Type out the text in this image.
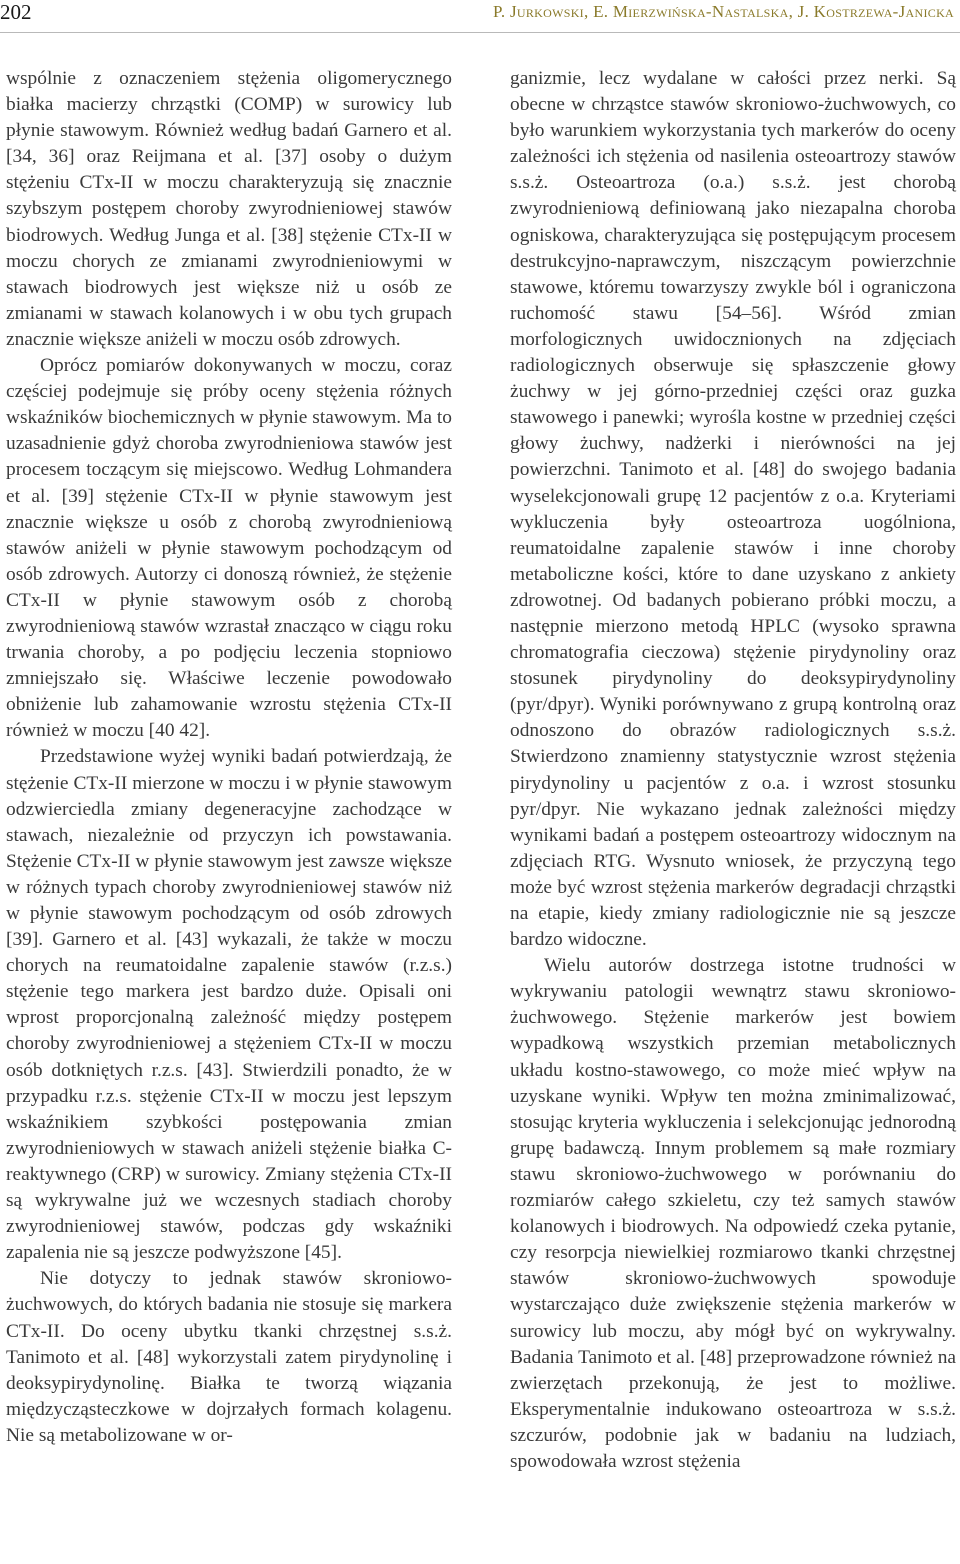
202	P. Jurkowski, E. Mierzwińska-Nastalska, J. Kostrzewa-Janicka

wspólnie z oznaczeniem stężenia oligomerycznego białka macierzy chrząstki (COMP) w surowicy lub płynie stawowym. Również według badań Garnero et al. [34, 36] oraz Reijmana et al. [37] osoby o dużym stężeniu CTx-II w moczu charakteryzują się znacznie szybszym postępem choroby zwyrodnieniowej stawów biodrowych. Według Junga et al. [38] stężenie CTx-II w moczu chorych ze zmianami zwyrodnieniowymi w stawach biodrowych jest większe niż u osób ze zmianami w stawach kolanowych i w obu tych grupach znacznie większe aniżeli w moczu osób zdrowych.

Oprócz pomiarów dokonywanych w moczu, coraz częściej podejmuje się próby oceny stężenia różnych wskaźników biochemicznych w płynie stawowym. Ma to uzasadnienie gdyż choroba zwyrodnieniowa stawów jest procesem toczącym się miejscowo. Według Lohmandera et al. [39] stężenie CTx-II w płynie stawowym jest znacznie większe u osób z chorobą zwyrodnieniową stawów aniżeli w płynie stawowym pochodzącym od osób zdrowych. Autorzy ci donoszą również, że stężenie CTx-II w płynie stawowym osób z chorobą zwyrodnieniową stawów wzrastał znacząco w ciągu roku trwania choroby, a po podjęciu leczenia stopniowo zmniejszało się. Właściwe leczenie powodowało obniżenie lub zahamowanie wzrostu stężenia CTx-II również w moczu [40 42].

Przedstawione wyżej wyniki badań potwierdzają, że stężenie CTx-II mierzone w moczu i w płynie stawowym odzwierciedla zmiany degeneracyjne zachodzące w stawach, niezależnie od przyczyn ich powstawania. Stężenie CTx-II w płynie stawowym jest zawsze większe w różnych typach choroby zwyrodnieniowej stawów niż w płynie stawowym pochodzącym od osób zdrowych [39]. Garnero et al. [43] wykazali, że także w moczu chorych na reumatoidalne zapalenie stawów (r.z.s.) stężenie tego markera jest bardzo duże. Opisali oni wprost proporcjonalną zależność między postępem choroby zwyrodnieniowej a stężeniem CTx-II w moczu osób dotkniętych r.z.s. [43]. Stwierdzili ponadto, że w przypadku r.z.s. stężenie CTx-II w moczu jest lepszym wskaźnikiem szybkości postępowania zmian zwyrodnieniowych w stawach aniżeli stężenie białka C-reaktywnego (CRP) w surowicy. Zmiany stężenia CTx-II są wykrywalne już we wczesnych stadiach choroby zwyrodnieniowej stawów, podczas gdy wskaźniki zapalenia nie są jeszcze podwyższone [45].

Nie dotyczy to jednak stawów skroniowo-żuchwowych, do których badania nie stosuje się markera CTx-II. Do oceny ubytku tkanki chrzęstnej s.s.ż. Tanimoto et al. [48] wykorzystali zatem pirydynolinę i deoksypirydynolinę. Białka te tworzą wiązania międzycząsteczkowe w dojrzałych formach kolagenu. Nie są metabolizowane w or-

ganizmie, lecz wydalane w całości przez nerki. Są obecne w chrząstce stawów skroniowo-żuchwowych, co było warunkiem wykorzystania tych markerów do oceny zależności ich stężenia od nasilenia osteoartrozy stawów s.s.ż. Osteoartroza (o.a.) s.s.ż. jest chorobą zwyrodnieniową definiowaną jako niezapalna choroba ogniskowa, charakteryzująca się postępującym procesem destrukcyjno-naprawczym, niszczącym powierzchnie stawowe, któremu towarzyszy zwykle ból i ograniczona ruchomość stawu [54–56]. Wśród zmian morfologicznych uwidocznionych na zdjęciach radiologicznych obserwuje się spłaszczenie głowy żuchwy w jej górno-przedniej części oraz guzka stawowego i panewki; wyrośla kostne w przedniej części głowy żuchwy, nadżerki i nierówności na jej powierzchni. Tanimoto et al. [48] do swojego badania wyselekcjonowali grupę 12 pacjentów z o.a. Kryteriami wykluczenia były osteoartroza uogólniona, reumatoidalne zapalenie stawów i inne choroby metaboliczne kości, które to dane uzyskano z ankiety zdrowotnej. Od badanych pobierano próbki moczu, a następnie mierzono metodą HPLC (wysoko sprawna chromatografia cieczowa) stężenie pirydynoliny oraz stosunek pirydynoliny do deoksypirydynoliny (pyr/dpyr). Wyniki porównywano z grupą kontrolną oraz odnoszono do obrazów radiologicznych s.s.ż. Stwierdzono znamienny statystycznie wzrost stężenia pirydynoliny u pacjentów z o.a. i wzrost stosunku pyr/dpyr. Nie wykazano jednak zależności między wynikami badań a postępem osteoartrozy widocznym na zdjęciach RTG. Wysnuto wniosek, że przyczyną tego może być wzrost stężenia markerów degradacji chrząstki na etapie, kiedy zmiany radiologicznie nie są jeszcze bardzo widoczne.

Wielu autorów dostrzega istotne trudności w wykrywaniu patologii wewnątrz stawu skroniowo-żuchwowego. Stężenie markerów jest bowiem wypadkową wszystkich przemian metabolicznych układu kostno-stawowego, co może mieć wpływ na uzyskane wyniki. Wpływ ten można zminimalizować, stosując kryteria wykluczenia i selekcjonując jednorodną grupę badawczą. Innym problemem są małe rozmiary stawu skroniowo-żuchwowego w porównaniu do rozmiarów całego szkieletu, czy też samych stawów kolanowych i biodrowych. Na odpowiedź czeka pytanie, czy resorpcja niewielkiej rozmiarowo tkanki chrzęstnej stawów skroniowo-żuchwowych spowoduje wystarczająco duże zwiększenie stężenia markerów w surowicy lub moczu, aby mógł być on wykrywalny. Badania Tanimoto et al. [48] przeprowadzone również na zwierzętach przekonują, że jest to możliwe. Eksperymentalnie indukowano osteoartroza w s.s.ż. szczurów, podobnie jak w badaniu na ludziach, spowodowała wzrost stężenia
